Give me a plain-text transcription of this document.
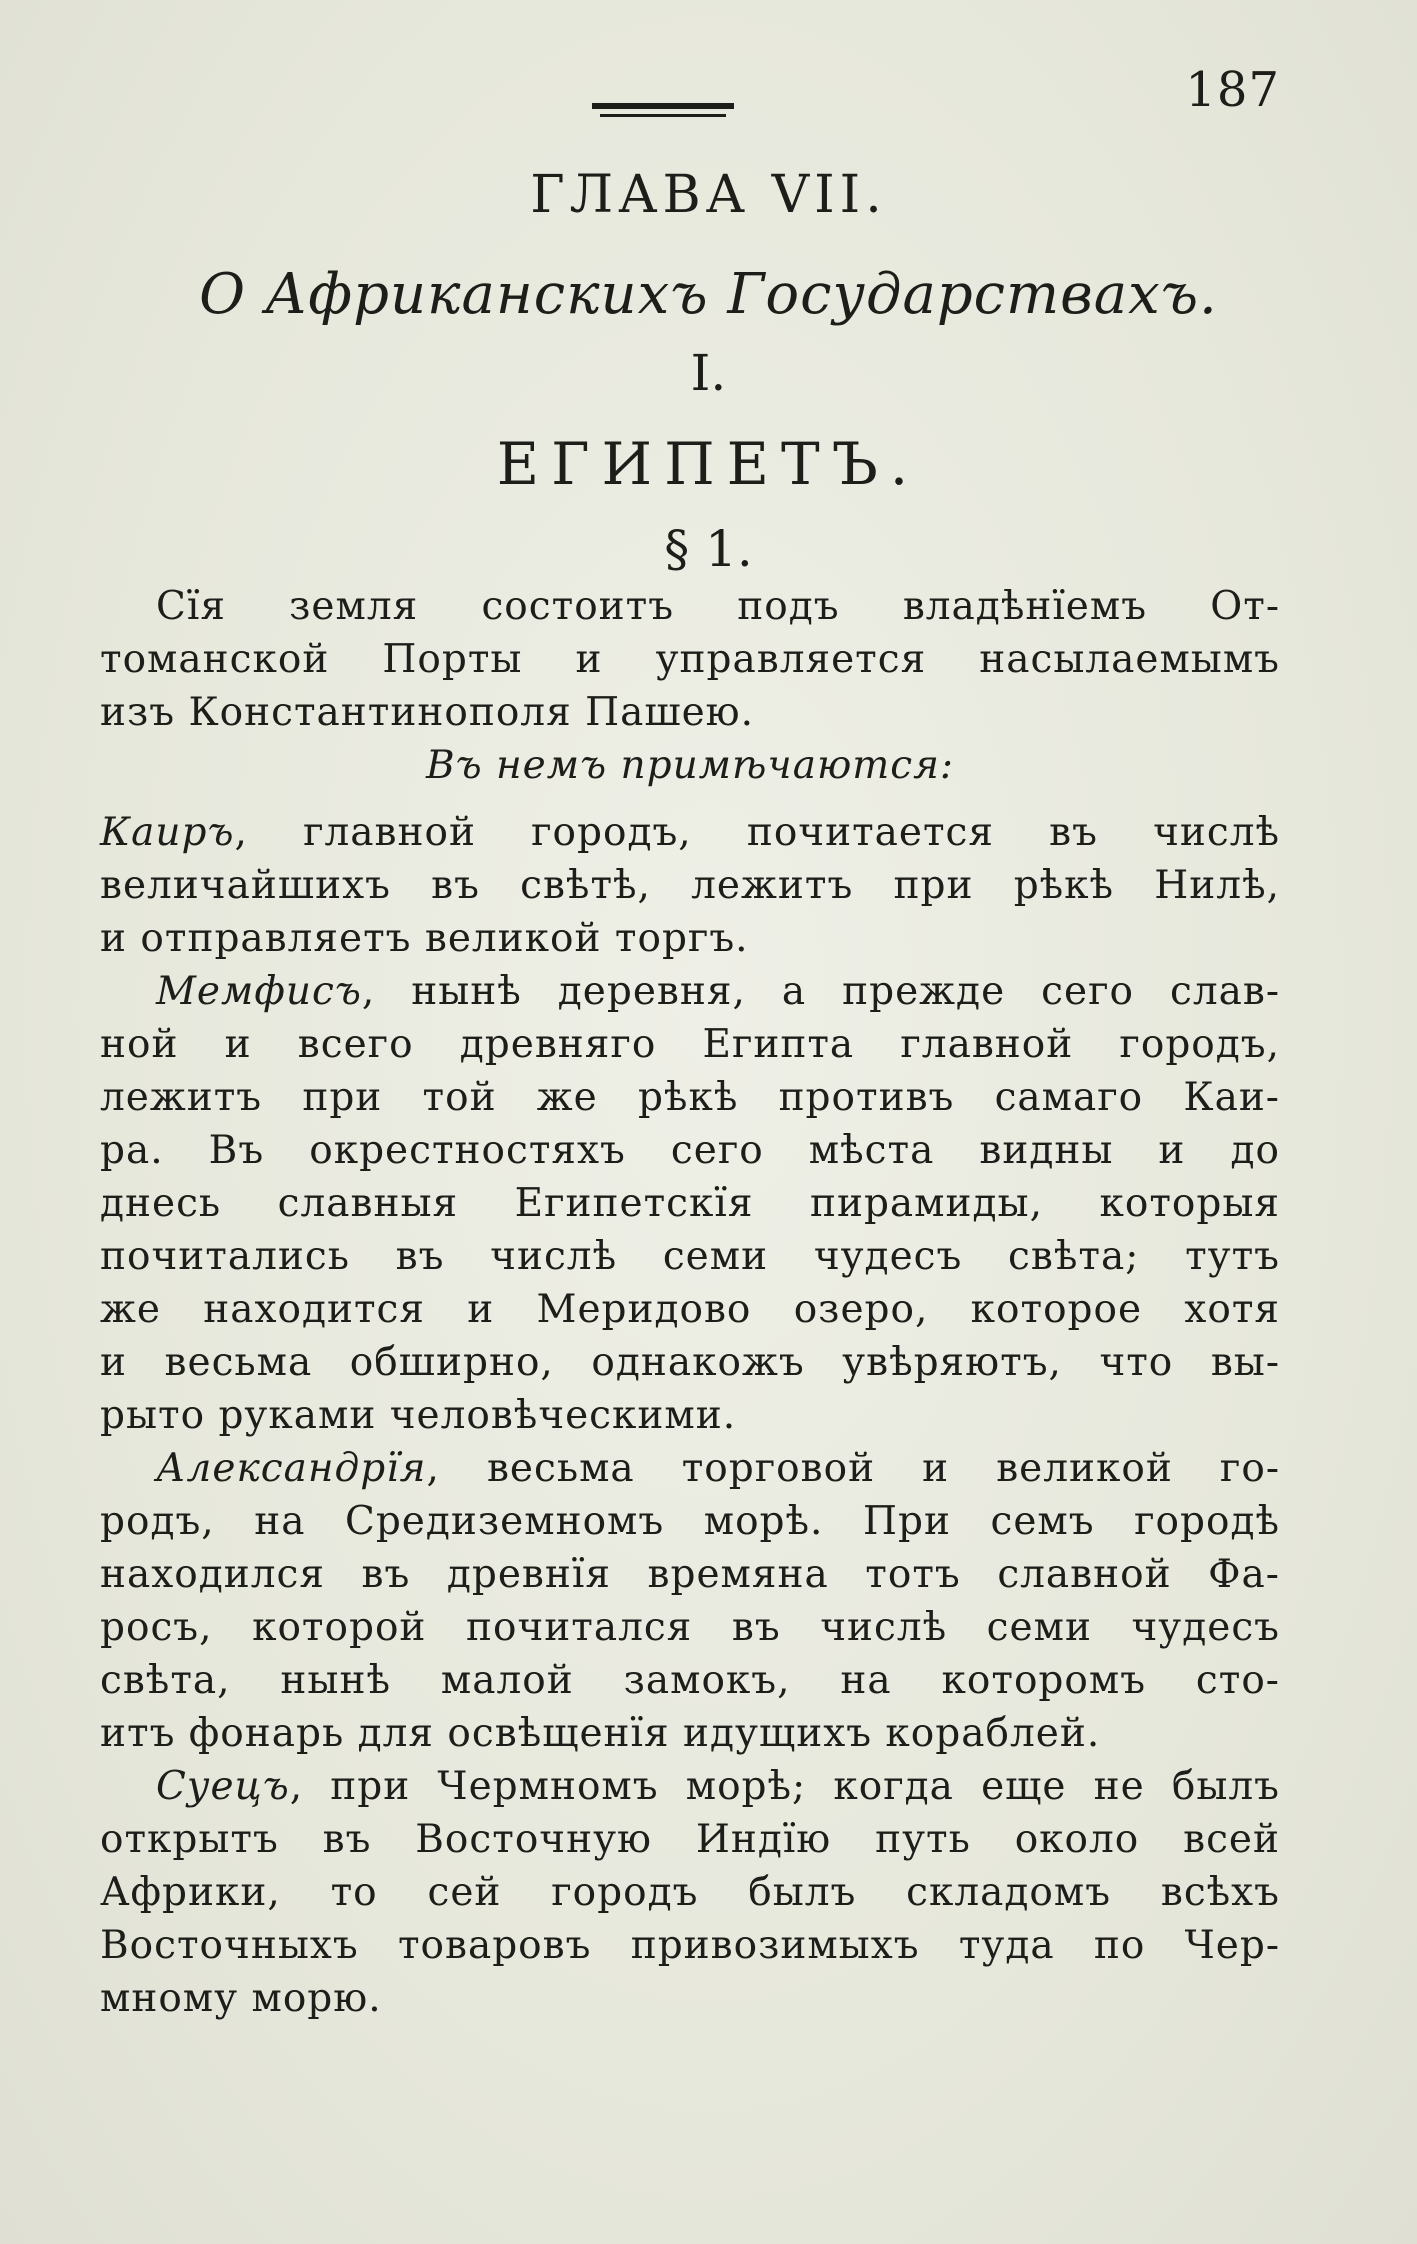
187
ГЛАВА VII.
О Африканскихъ Государствахъ.
I.
ЕГИПЕТЪ.
§ 1.
Сїя земля состоитъ подъ владѣнїемъ От-
томанской Порты и управляется насылаемымъ
изъ Константинополя Пашею.
Въ немъ примѣчаются:
Каиръ, главной городъ, почитается въ числѣ
величайшихъ въ свѣтѣ, лежитъ при рѣкѣ Нилѣ,
и отправляетъ великой торгъ.
Мемфисъ, нынѣ деревня, а прежде сего слав-
ной и всего древняго Египта главной городъ,
лежитъ при той же рѣкѣ противъ самаго Каи-
ра. Въ окрестностяхъ сего мѣста видны и до
днесь славныя Египетскїя пирамиды, которыя
почитались въ числѣ семи чудесъ свѣта; тутъ
же находится и Меридово озеро, которое хотя
и весьма обширно, однакожъ увѣряютъ, что вы-
рыто руками человѣческими.
Александрїя, весьма торговой и великой го-
родъ, на Средиземномъ морѣ. При семъ городѣ
находился въ древнїя времяна тотъ славной Фа-
росъ, которой почитался въ числѣ семи чудесъ
свѣта, нынѣ малой замокъ, на которомъ сто-
итъ фонарь для освѣщенїя идущихъ кораблей.
Суецъ, при Чермномъ морѣ; когда еще не былъ
открытъ въ Восточную Индїю путь около всей
Африки, то сей городъ былъ складомъ всѣхъ
Восточныхъ товаровъ привозимыхъ туда по Чер-
мному морю.
